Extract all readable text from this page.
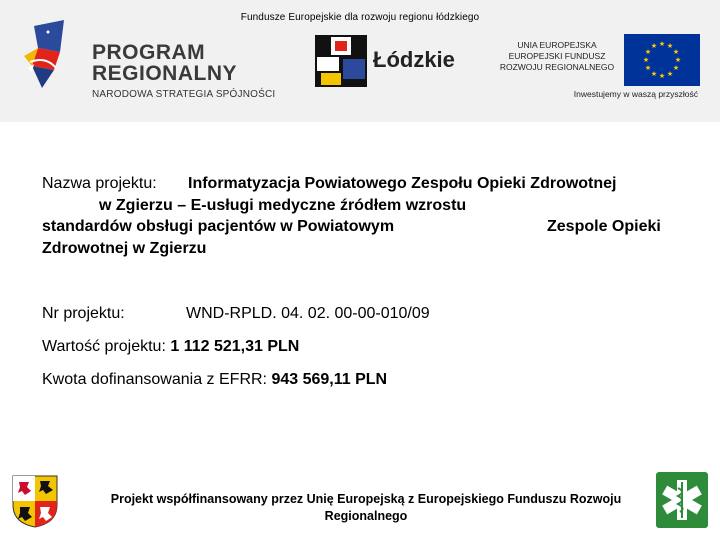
Fundusze Europejskie dla rozwoju regionu łódzkiego
PROGRAM
REGIONALNY
NARODOWA STRATEGIA SPÓJNOŚCI
Łódzkie
UNIA EUROPEJSKA
EUROPEJSKI FUNDUSZ
ROZWOJU REGIONALNEGO
★ ★
★
★
★
★
★
★
★
★
★
★
Inwestujemy w waszą przyszłość
Nazwa projektu: Informatyzacja Powiatowego Zespołu Opieki Zdrowotnej
w Zgierzu – E-usługi medyczne źródłem wzrostu
standardów obsługi pacjentów w Powiatowym	Zespole Opieki
Zdrowotnej w Zgierzu
Nr projektu:	WND-RPLD. 04. 02. 00-00-010/09
Wartość projektu: 1 112 521,31 PLN
Kwota dofinansowania z EFRR: 943 569,11 PLN
Projekt współfinansowany przez Unię Europejską z Europejskiego Funduszu Rozwoju
Regionalnego
